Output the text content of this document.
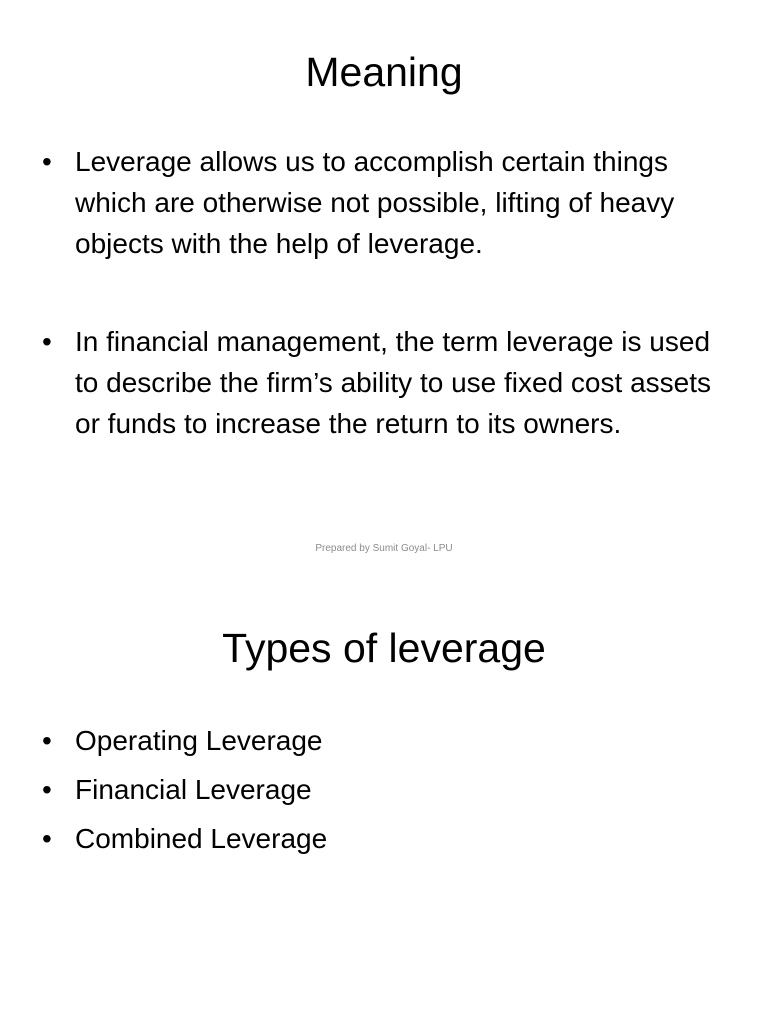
Meaning
• Leverage allows us to accomplish certain things which are otherwise not possible, lifting of heavy objects with the help of leverage.
• In financial management, the term leverage is used to describe the firm’s ability to use fixed cost assets or funds to increase the return to its owners.
Prepared by Sumit Goyal- LPU
Types of leverage
• Operating Leverage
• Financial Leverage
• Combined Leverage
